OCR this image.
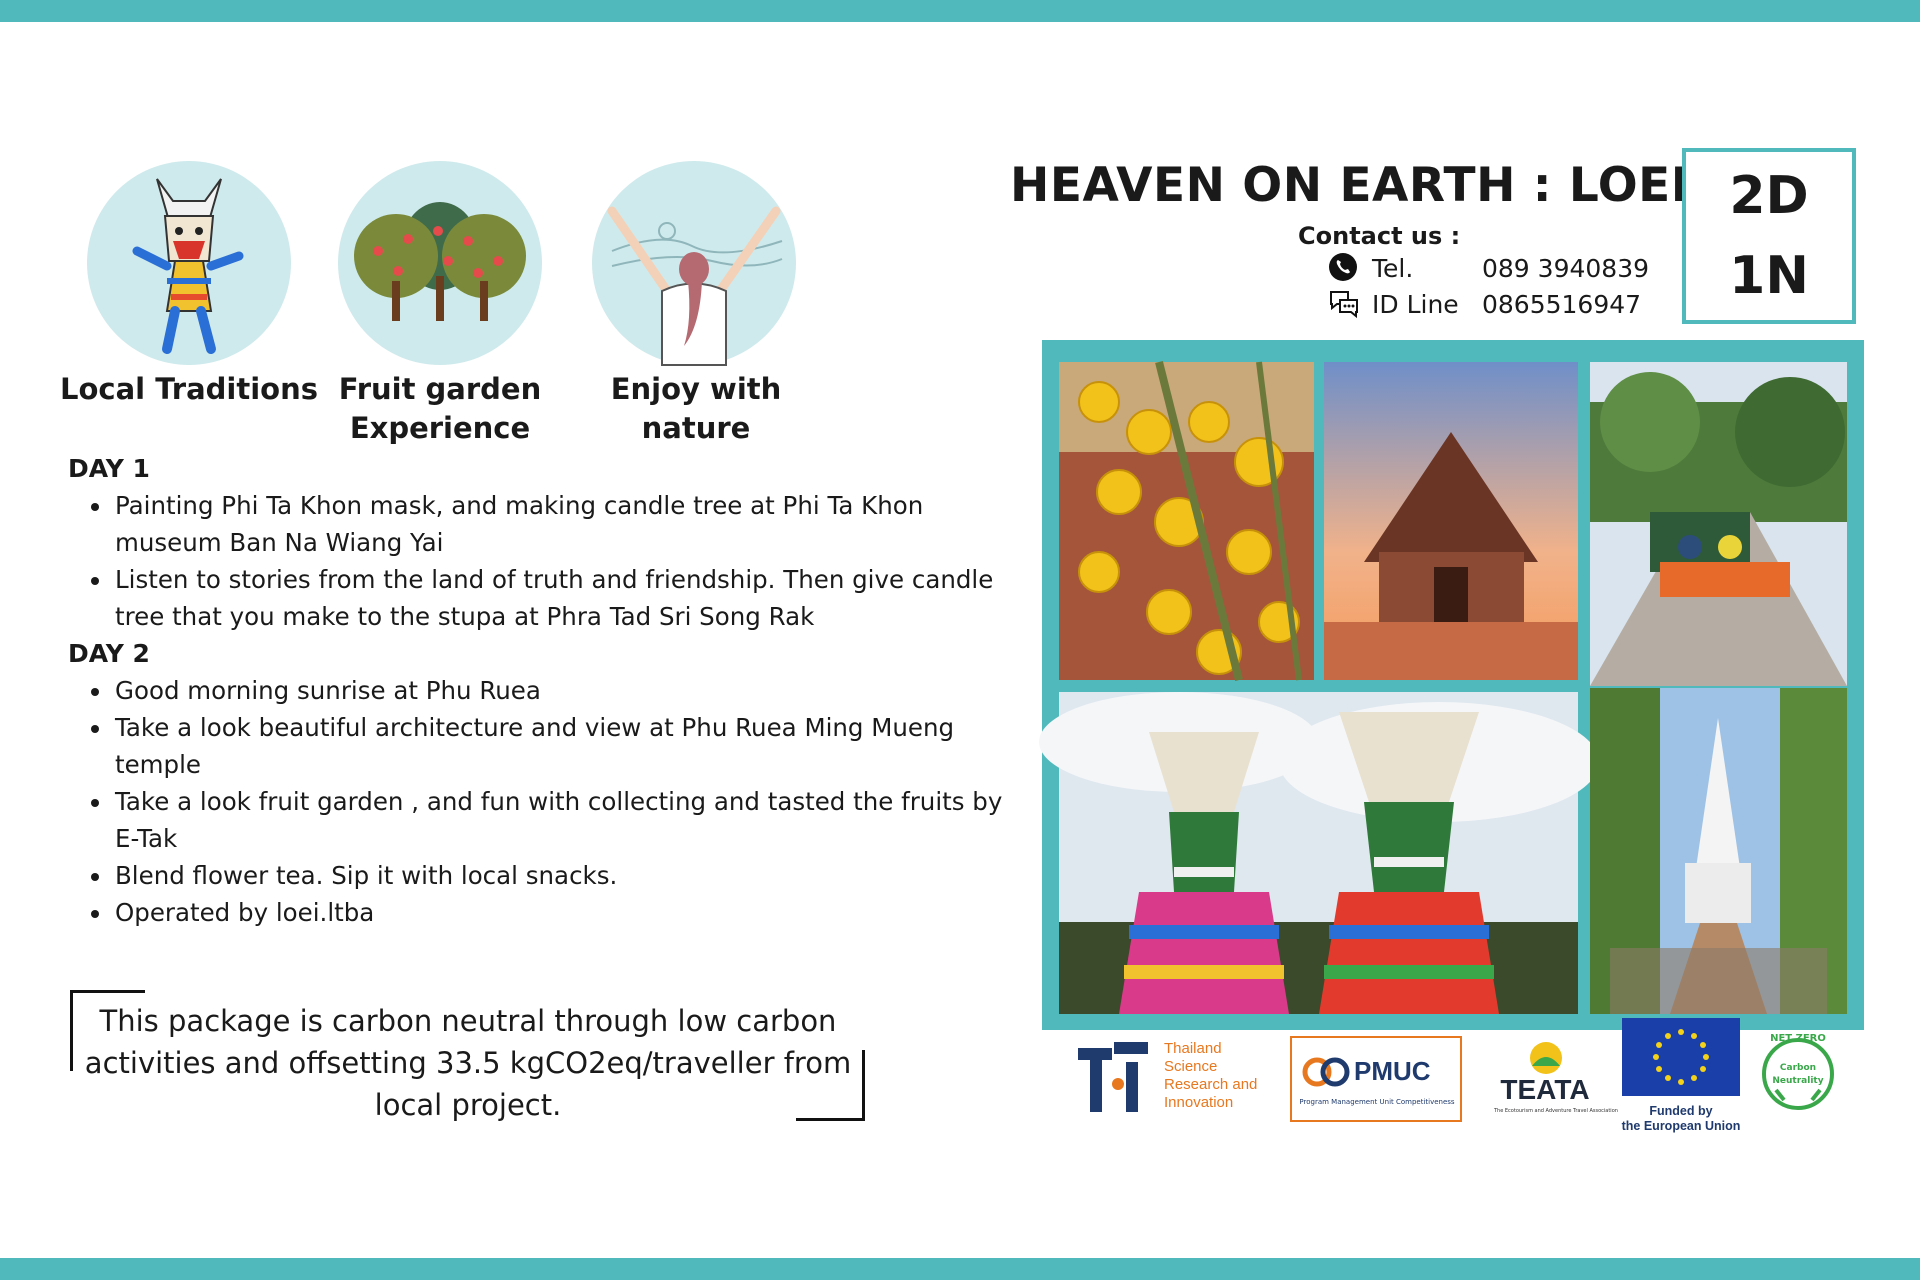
Local Traditions Fruit garden
Experience
Enjoy with nature
DAY 1
• Painting Phi Ta Khon mask, and making candle tree at Phi Ta Khon museum Ban Na Wiang Yai
• Listen to stories from the land of truth and friendship. Then give candle tree that you make to the stupa at Phra Tad Sri Song Rak
DAY 2
• Good morning sunrise at Phu Ruea
• Take a look beautiful architecture and view at Phu Ruea Ming Mueng temple
• Take a look fruit garden , and fun with collecting and tasted the fruits by E-Tak
• Blend flower tea. Sip it with local snacks.
• Operated by loei.ltba
HEAVEN ON EARTH : LOEI
Contact us :
Tel.	089 3940839
ID Line 0865516947
2D
1N
This package is carbon neutral through low carbon activities and offsetting 33.5 kgCO2eq/traveller from local project.
Thailand
Science
Research and
Innovation
PMUC
Program Management Unit Competitiveness TEATA
The Ecotourism and Adventure Travel Association	Funded by
the European Union
NET ZERO
Carbon
Neutrality
